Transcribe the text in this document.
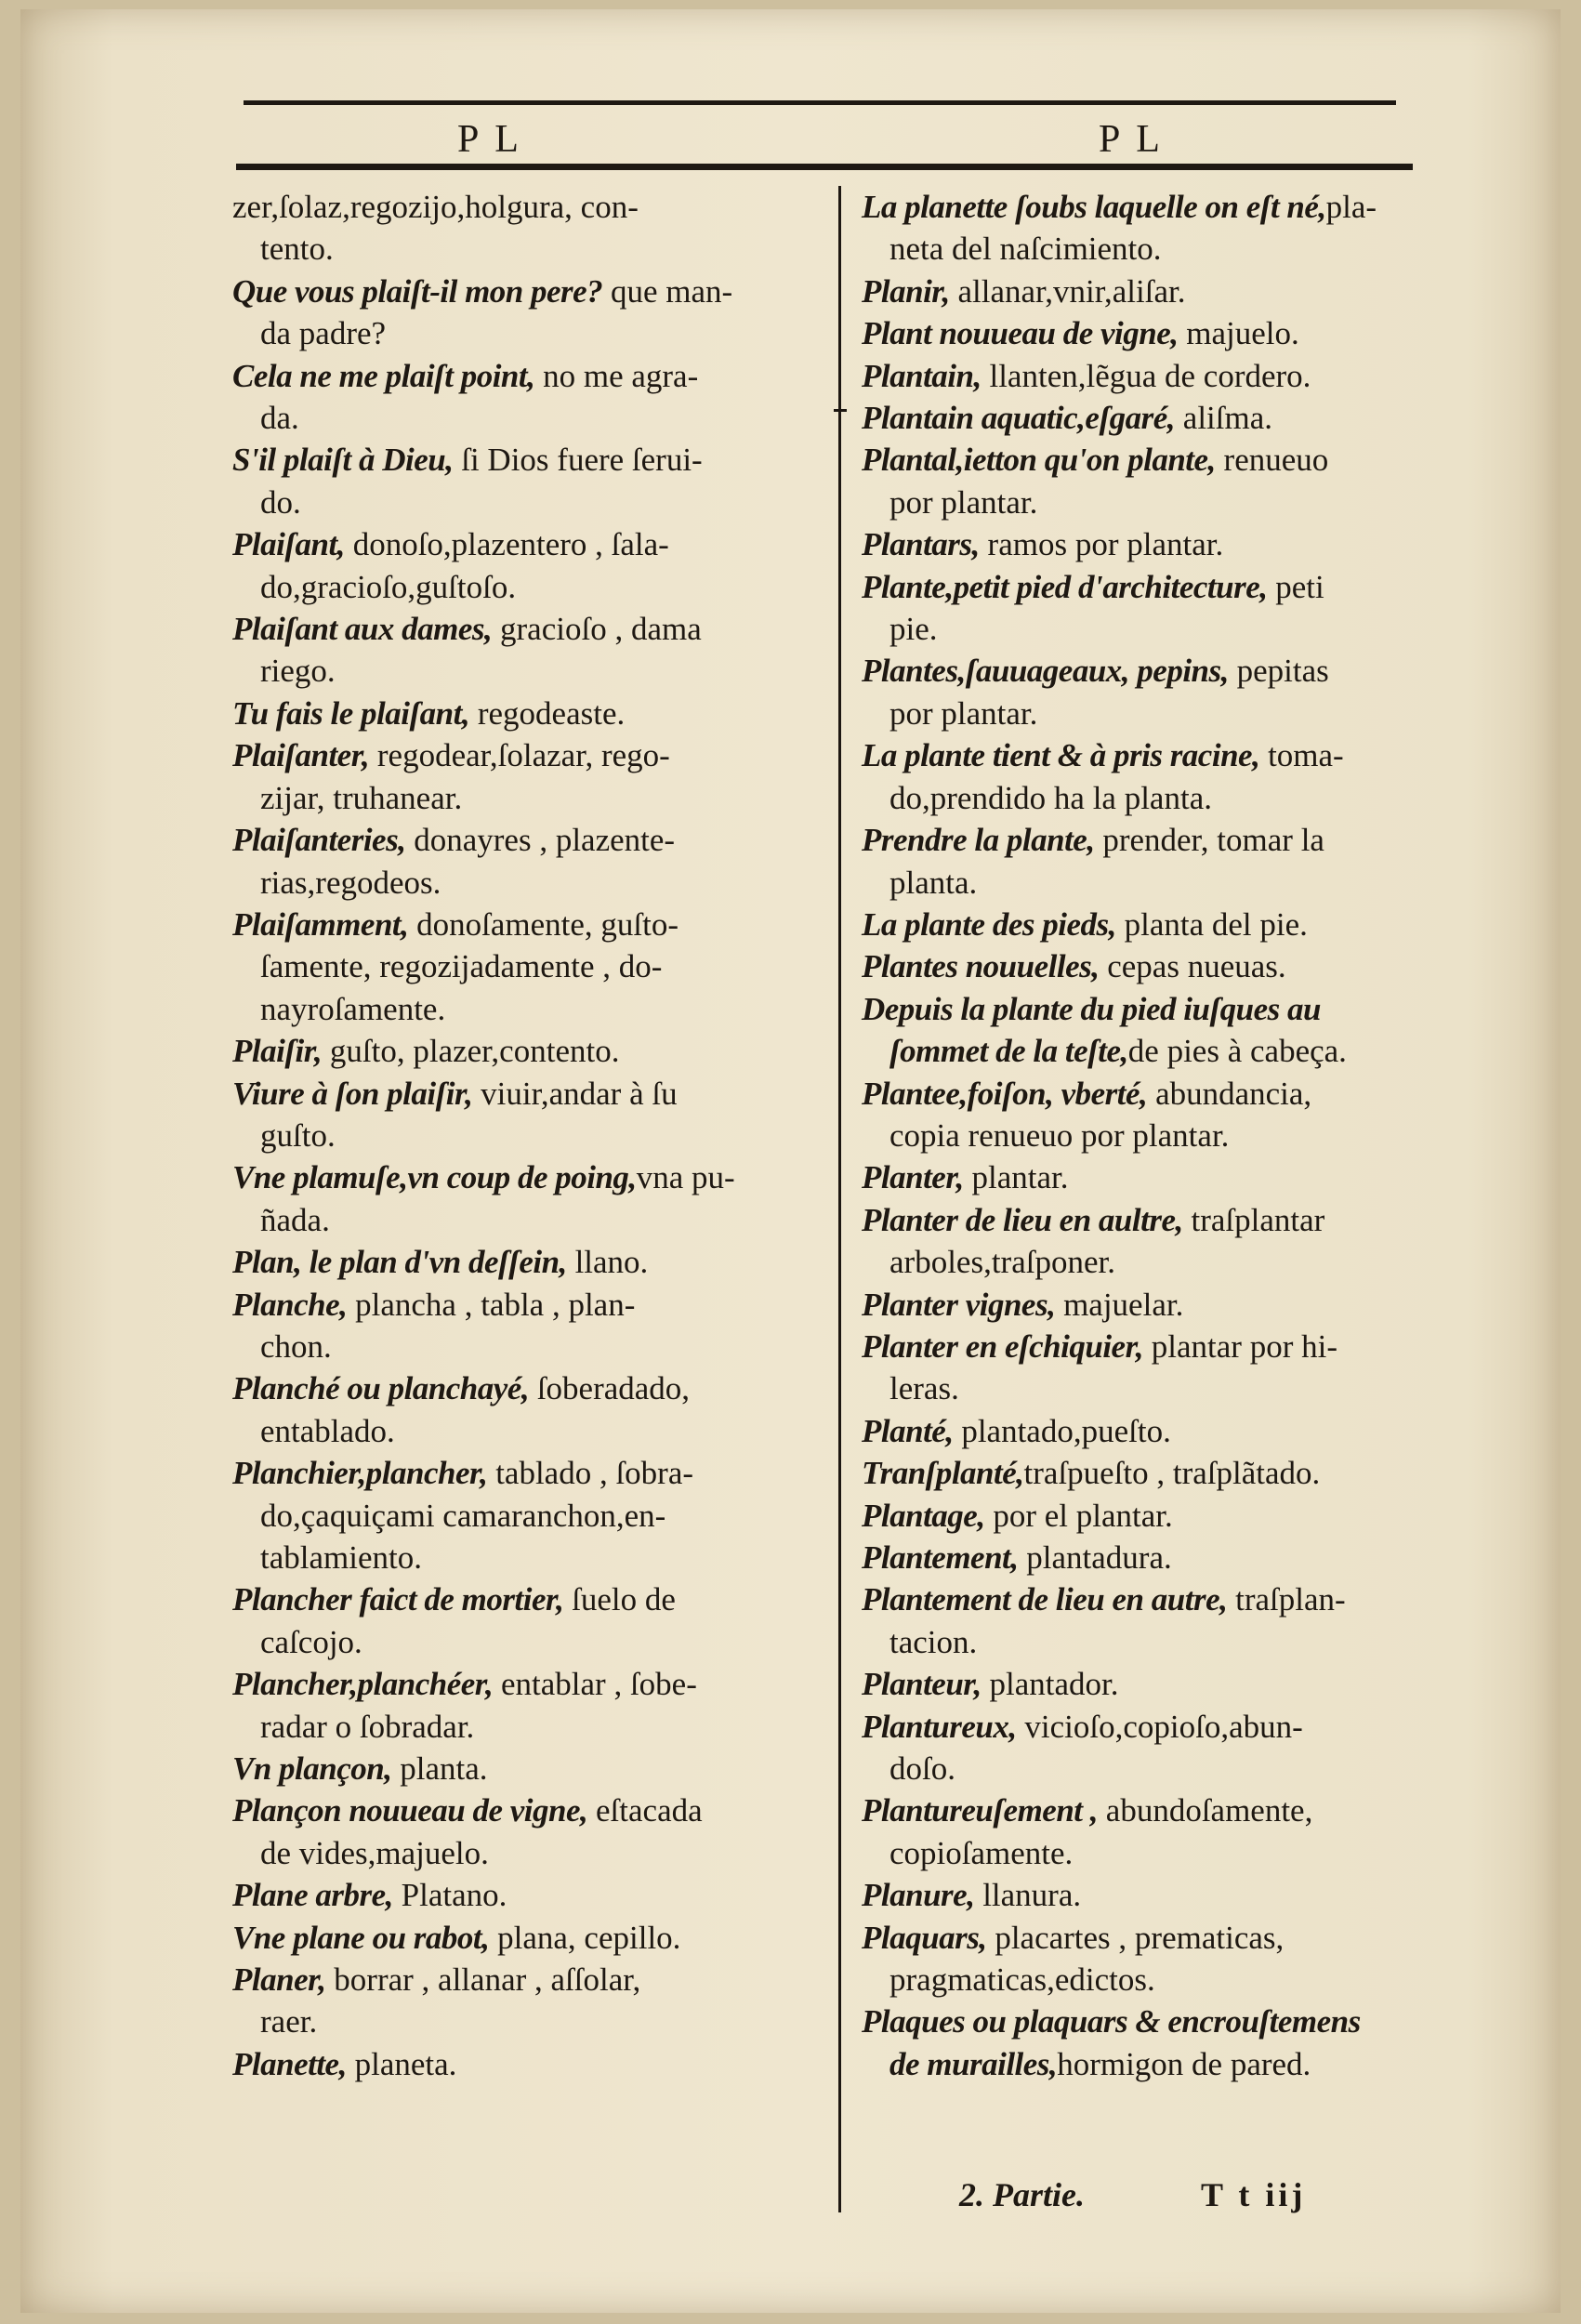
P L	P L
zer,ſolaz,regozijo,holgura, con-
tento.
Que vous plaiſt-il mon pere? que man-
da padre?
Cela ne me plaiſt point, no me agra-
da.
S'il plaiſt à Dieu, ſi Dios fuere ſerui-
do.
Plaiſant, donoſo,plazentero , ſala-
do,gracioſo,guſtoſo.
Plaiſant aux dames, gracioſo , dama
riego.
Tu fais le plaiſant, regodeaste.
Plaiſanter, regodear,ſolazar, rego-
zijar, truhanear.
Plaiſanteries, donayres , plazente-
rias,regodeos.
Plaiſamment, donoſamente, guſto-
ſamente, regozijadamente , do-
nayroſamente.
Plaiſir, guſto, plazer,contento.
Viure à ſon plaiſir, viuir,andar à ſu
guſto.
Vne plamuſe,vn coup de poing,vna pu-
ñada.
Plan, le plan d'vn deſſein, llano.
Planche, plancha , tabla , plan-
chon.
Planché ou planchayé, ſoberadado,
entablado.
Planchier,plancher, tablado , ſobra-
do,çaquiçami camaranchon,en-
tablamiento.
Plancher faict de mortier, ſuelo de
caſcojo.
Plancher,planchéer, entablar , ſobe-
radar o ſobradar.
Vn plançon, planta.
Plançon nouueau de vigne, eſtacada
de vides,majuelo.
Plane arbre, Platano.
Vne plane ou rabot, plana, cepillo.
Planer, borrar , allanar , aſſolar,
raer.
Planette, planeta.
La planette ſoubs laquelle on eſt né,pla-
neta del naſcimiento.
Planir, allanar,vnir,aliſar.
Plant nouueau de vigne, majuelo.
Plantain, llanten,lẽgua de cordero.
Plantain aquatic,eſgaré, aliſma.
Plantal,ietton qu'on plante, renueuo
por plantar.
Plantars, ramos por plantar.
Plante,petit pied d'architecture, peti
pie.
Plantes,ſauuageaux, pepins, pepitas
por plantar.
La plante tient & à pris racine, toma-
do,prendido ha la planta.
Prendre la plante, prender, tomar la
planta.
La plante des pieds, planta del pie.
Plantes nouuelles, cepas nueuas.
Depuis la plante du pied iuſques au
ſommet de la teſte,de pies à cabeça.
Plantee,foiſon, vberté, abundancia,
copia renueuo por plantar.
Planter, plantar.
Planter de lieu en aultre, traſplantar
arboles,traſponer.
Planter vignes, majuelar.
Planter en eſchiquier, plantar por hi-
leras.
Planté, plantado,pueſto.
Tranſplanté,traſpueſto , traſplãtado.
Plantage, por el plantar.
Plantement, plantadura.
Plantement de lieu en autre, traſplan-
tacion.
Planteur, plantador.
Plantureux, vicioſo,copioſo,abun-
doſo.
Plantureuſement , abundoſamente,
copioſamente.
Planure, llanura.
Plaquars, placartes , prematicas,
pragmaticas,edictos.
Plaques ou plaquars & encrouſtemens
de murailles,hormigon de pared.
2. Partie.	T t iij
